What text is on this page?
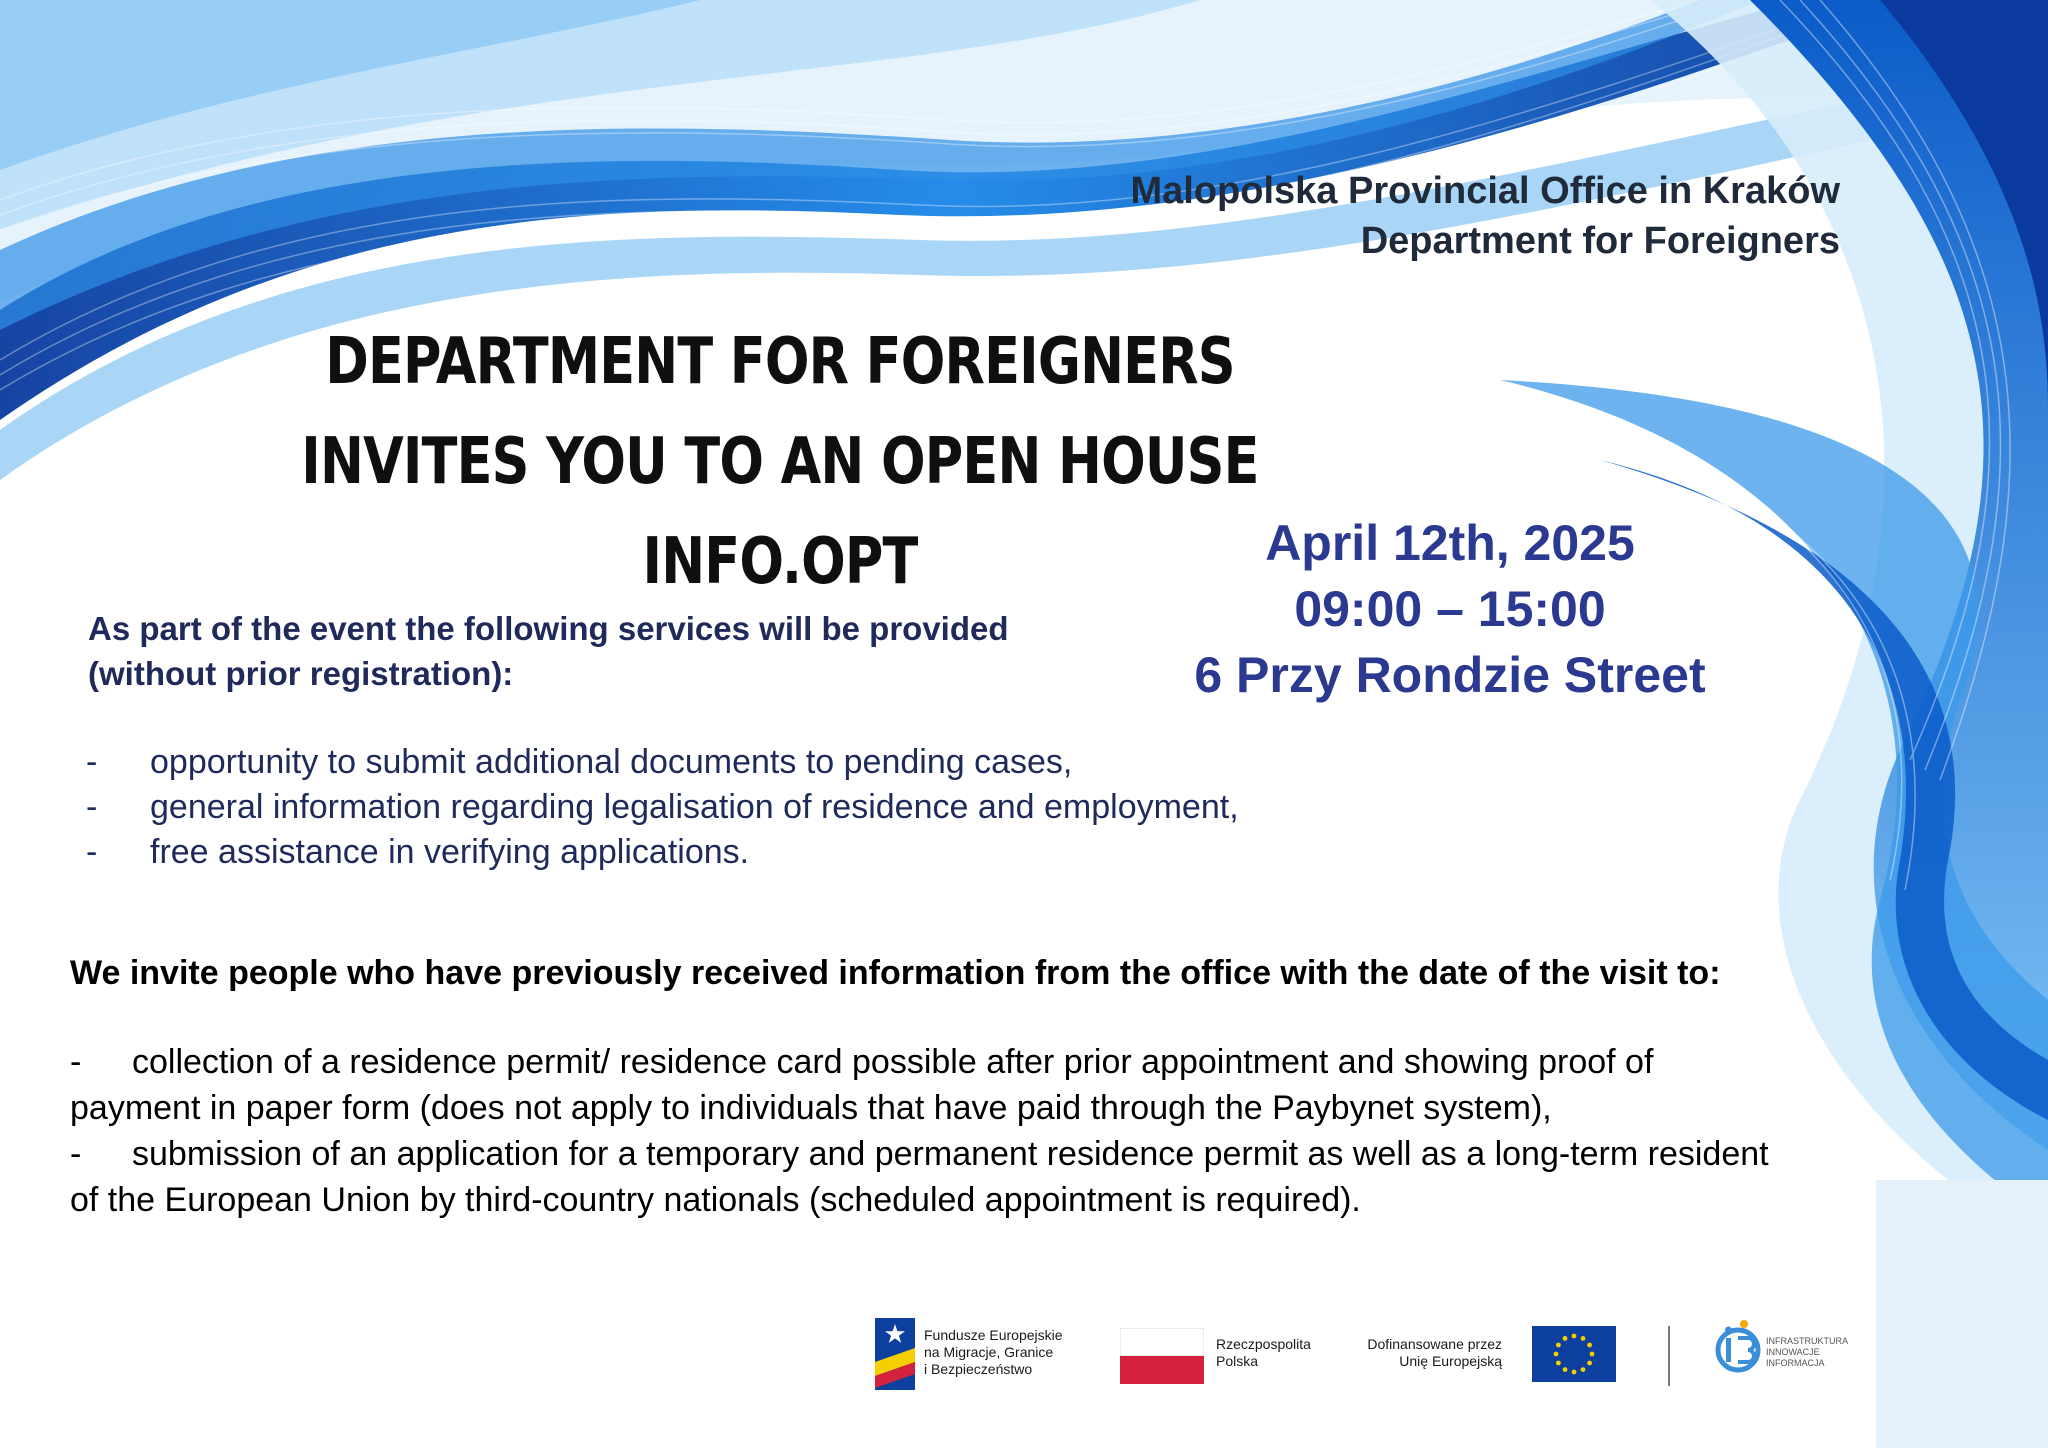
Malopolska Provincial Office in Kraków
Department for Foreigners
DEPARTMENT FOR FOREIGNERS
INVITES YOU TO AN OPEN HOUSE INFO.OPT	April 12th, 2025
09:00 – 15:00
6 Przy Rondzie Street
As part of the event the following services will be provided
(without prior registration):
- opportunity to submit additional documents to pending cases,
- general information regarding legalisation of residence and employment,
- free assistance in verifying applications.
We invite people who have previously received information from the office with the date of the visit to:
- collection of a residence permit/ residence card possible after prior appointment and showing proof of payment in paper form (does not apply to individuals that have paid through the Paybynet system),
- submission of an application for a temporary and permanent residence permit as well as a long-term resident of the European Union by third-country nationals (scheduled appointment is required).
Fundusze Europejskie
na Migracje, Granice
i Bezpieczeństwo
Rzeczpospolita
Polska
Dofinansowane przez
Unię Europejską
INFRASTRUKTURA
INNOWACJE
INFORMACJA
